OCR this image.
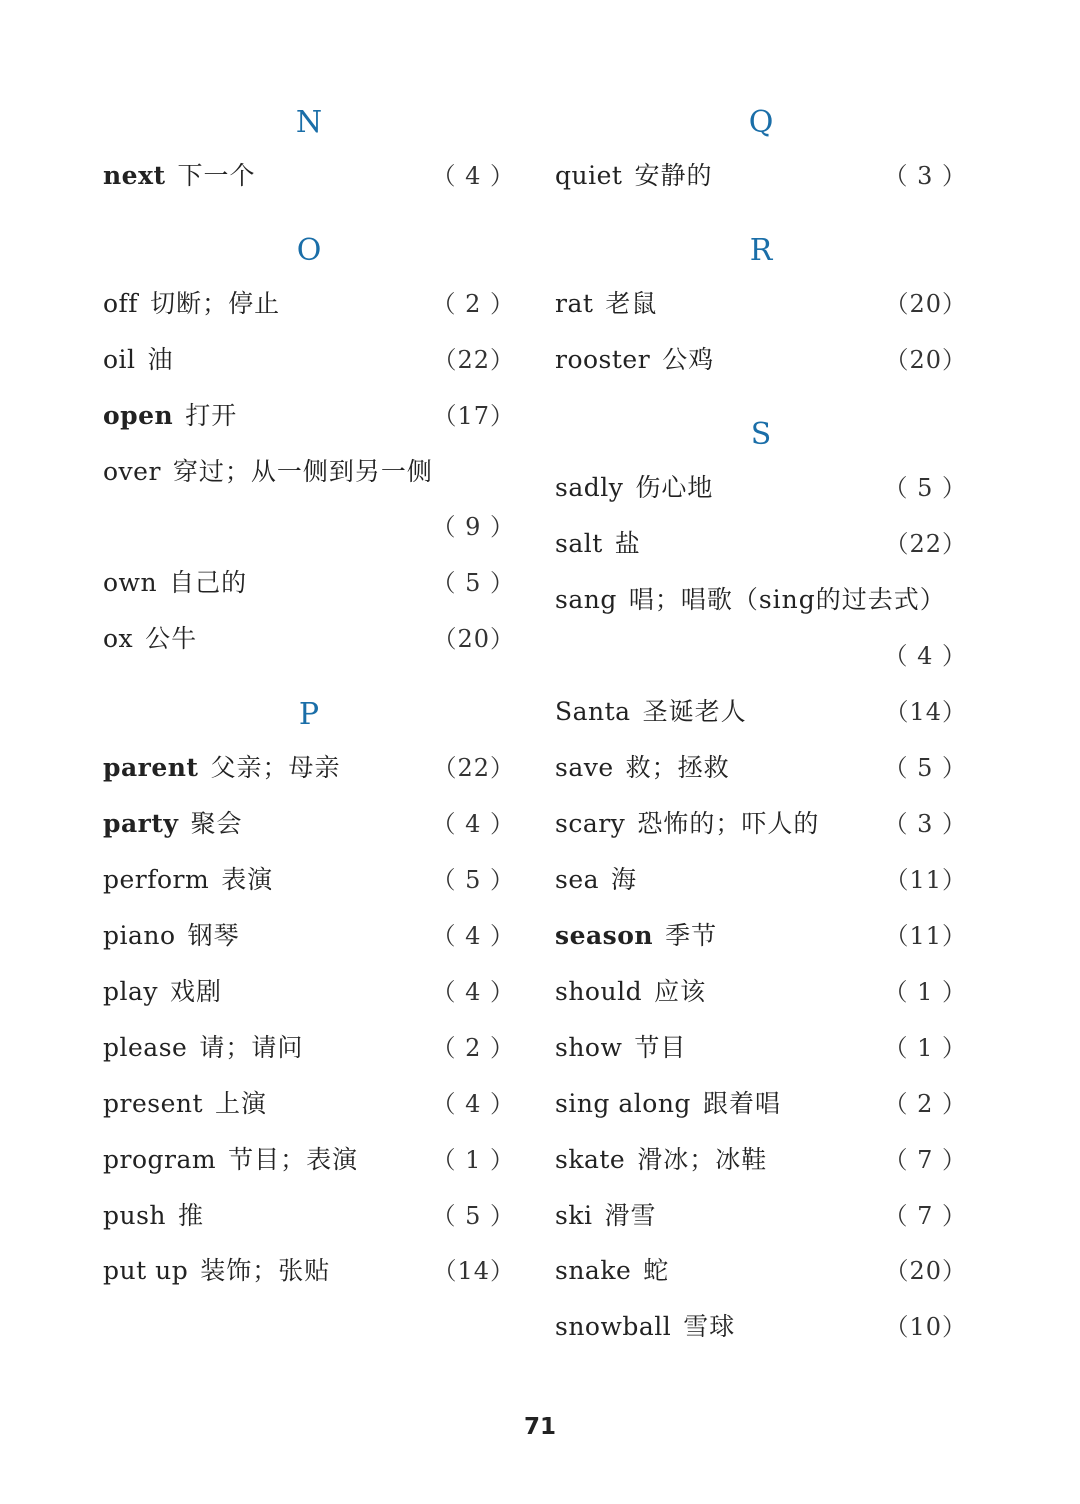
N
next 下一个	（ 4 ）
O
off 切断；停止	（ 2 ）
oil 油	（22）
open 打开	（17）
over 穿过；从一侧到另一侧
（ 9 ）
own 自己的	（ 5 ）
ox 公牛	（20）
P
parent 父亲；母亲	（22）
party 聚会	（ 4 ）
perform 表演	（ 5 ）
piano 钢琴	（ 4 ）
play 戏剧	（ 4 ）
please 请；请问	（ 2 ）
present 上演	（ 4 ）
program 节目；表演	（ 1 ）
push 推	（ 5 ）
put up 装饰；张贴	（14）
Q
quiet 安静的	（ 3 ）
R
rat 老鼠	（20）
rooster 公鸡	（20）
S
sadly 伤心地	（ 5 ）
salt 盐	（22）
sang 唱；唱歌（sing的过去式）
（ 4 ）
Santa 圣诞老人	（14）
save 救；拯救	（ 5 ）
scary 恐怖的；吓人的	（ 3 ）
sea 海	（11）
season 季节	（11）
should 应该	（ 1 ）
show 节目	（ 1 ）
sing along 跟着唱	（ 2 ）
skate 滑冰；冰鞋	（ 7 ）
ski 滑雪	（ 7 ）
snake 蛇	（20）
snowball 雪球	（10）
71
